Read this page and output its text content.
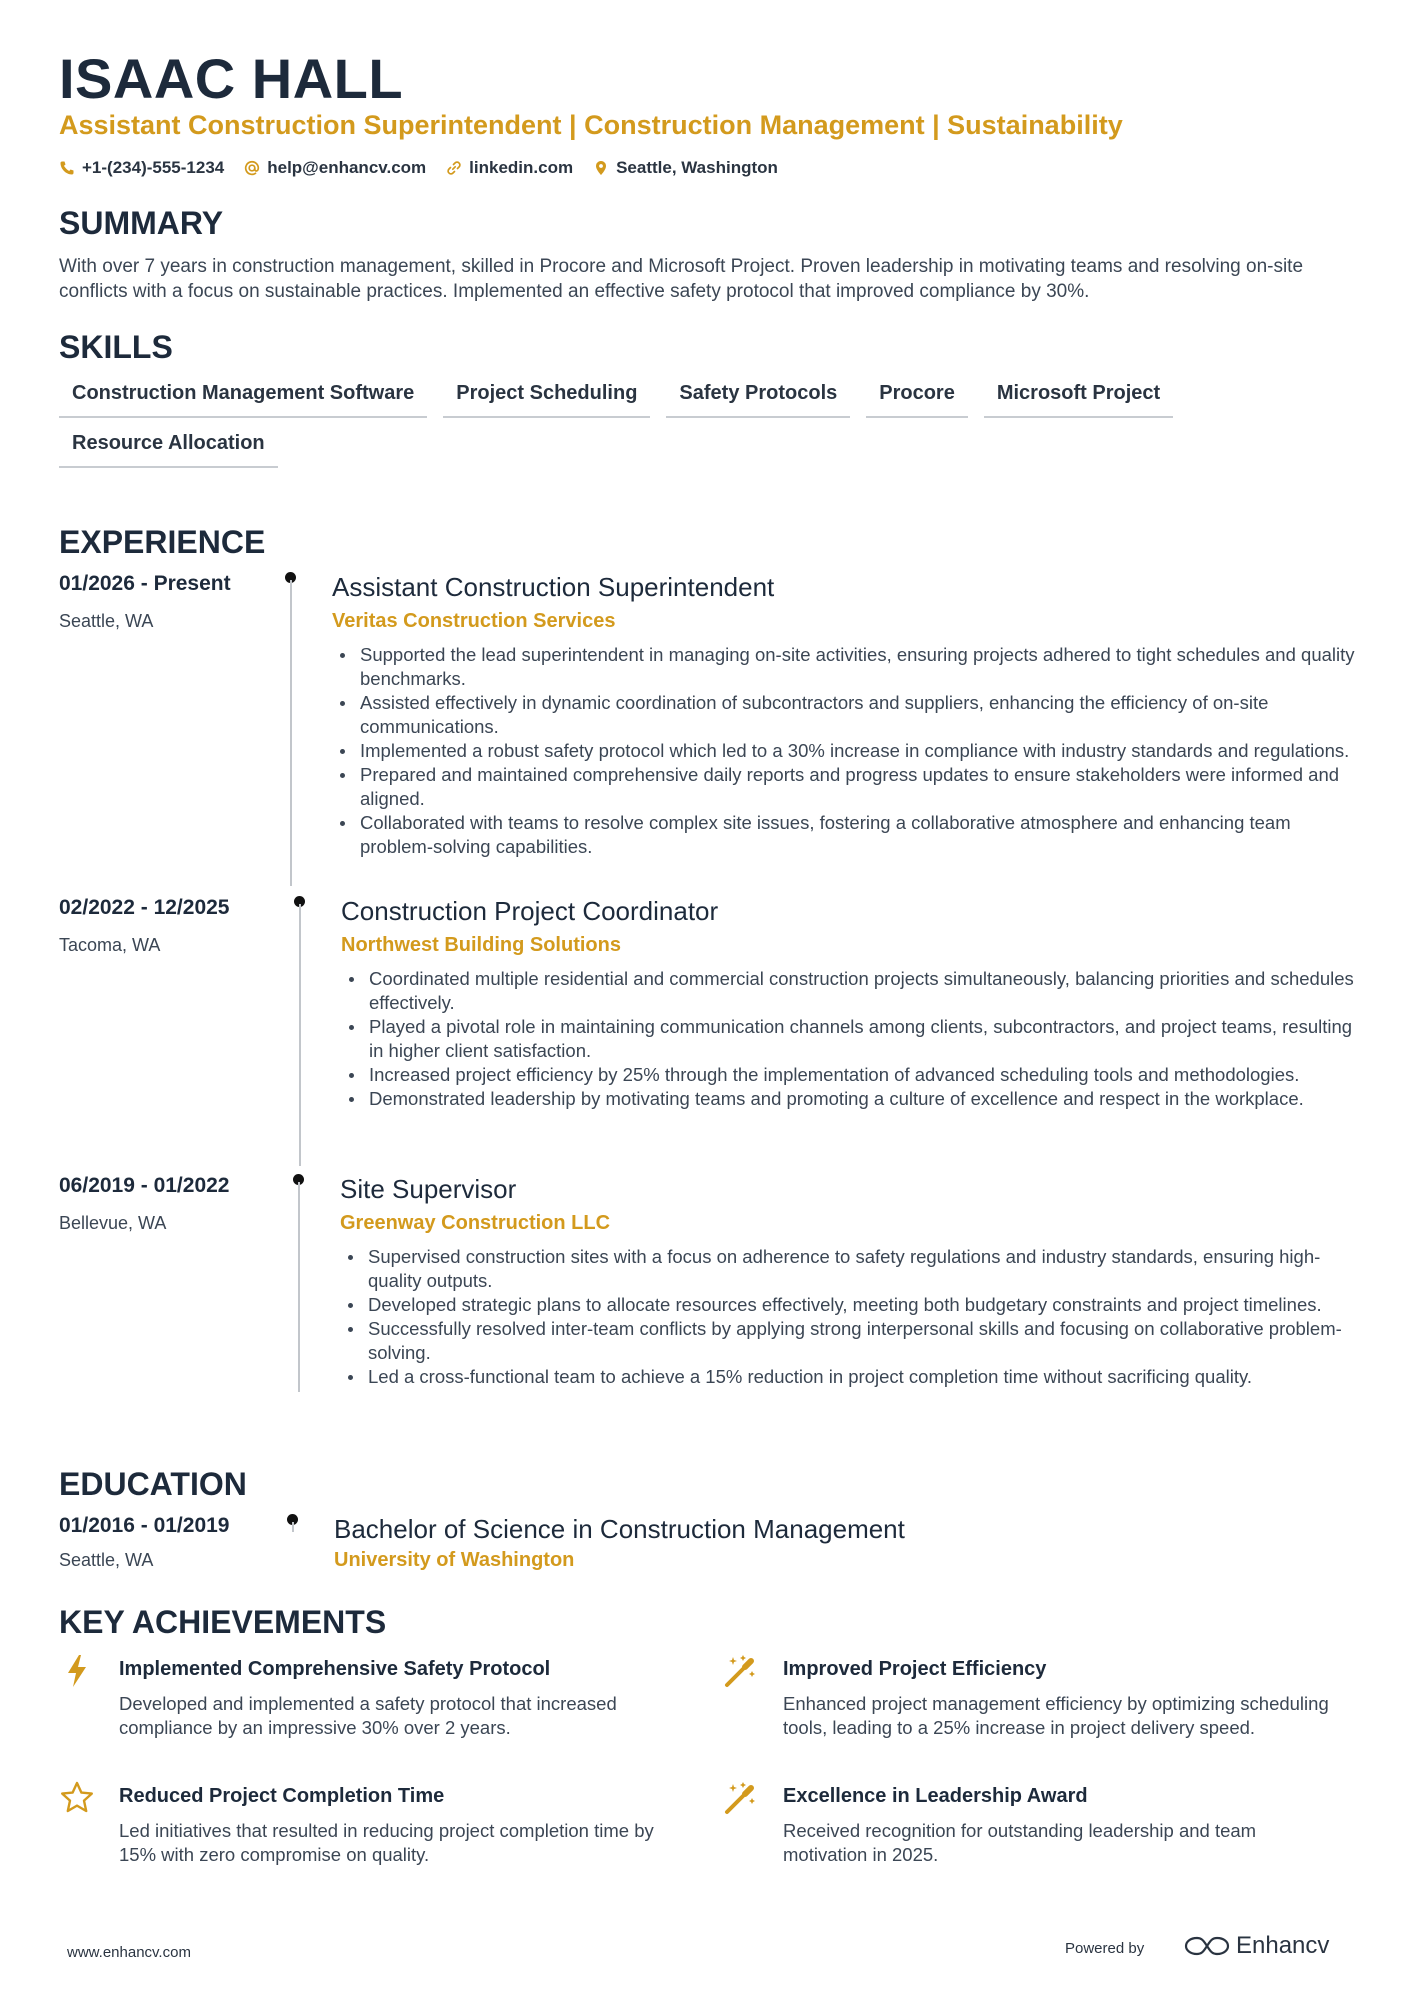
ISAAC HALL
Assistant Construction Superintendent | Construction Management | Sustainability
+1-(234)-555-1234	help@enhancv.com	linkedin.com	Seattle, Washington
SUMMARY
With over 7 years in construction management, skilled in Procore and Microsoft Project. Proven leadership in motivating teams and resolving on-site conflicts with a focus on sustainable practices. Implemented an effective safety protocol that improved compliance by 30%.
SKILLS
Construction Management Software	Project Scheduling	Safety Protocols	Procore	Microsoft Project
Resource Allocation
EXPERIENCE
01/2026 - Present
Seattle, WA
Assistant Construction Superintendent
Veritas Construction Services
Supported the lead superintendent in managing on-site activities, ensuring projects adhered to tight schedules and quality benchmarks.
Assisted effectively in dynamic coordination of subcontractors and suppliers, enhancing the efficiency of on-site communications.
Implemented a robust safety protocol which led to a 30% increase in compliance with industry standards and regulations.
Prepared and maintained comprehensive daily reports and progress updates to ensure stakeholders were informed and aligned.
Collaborated with teams to resolve complex site issues, fostering a collaborative atmosphere and enhancing team problem-solving capabilities.
02/2022 - 12/2025
Tacoma, WA
Construction Project Coordinator
Northwest Building Solutions
Coordinated multiple residential and commercial construction projects simultaneously, balancing priorities and schedules effectively.
Played a pivotal role in maintaining communication channels among clients, subcontractors, and project teams, resulting in higher client satisfaction.
Increased project efficiency by 25% through the implementation of advanced scheduling tools and methodologies.
Demonstrated leadership by motivating teams and promoting a culture of excellence and respect in the workplace.
06/2019 - 01/2022
Bellevue, WA
Site Supervisor
Greenway Construction LLC
Supervised construction sites with a focus on adherence to safety regulations and industry standards, ensuring high-quality outputs.
Developed strategic plans to allocate resources effectively, meeting both budgetary constraints and project timelines.
Successfully resolved inter-team conflicts by applying strong interpersonal skills and focusing on collaborative problem-solving.
Led a cross-functional team to achieve a 15% reduction in project completion time without sacrificing quality.
EDUCATION
01/2016 - 01/2019
Seattle, WA
Bachelor of Science in Construction Management
University of Washington
KEY ACHIEVEMENTS
Implemented Comprehensive Safety Protocol
Developed and implemented a safety protocol that increased compliance by an impressive 30% over 2 years.
Improved Project Efficiency
Enhanced project management efficiency by optimizing scheduling tools, leading to a 25% increase in project delivery speed.
Reduced Project Completion Time
Led initiatives that resulted in reducing project completion time by 15% with zero compromise on quality.
Excellence in Leadership Award
Received recognition for outstanding leadership and team motivation in 2025.
www.enhancv.com	Powered by	Enhancv
